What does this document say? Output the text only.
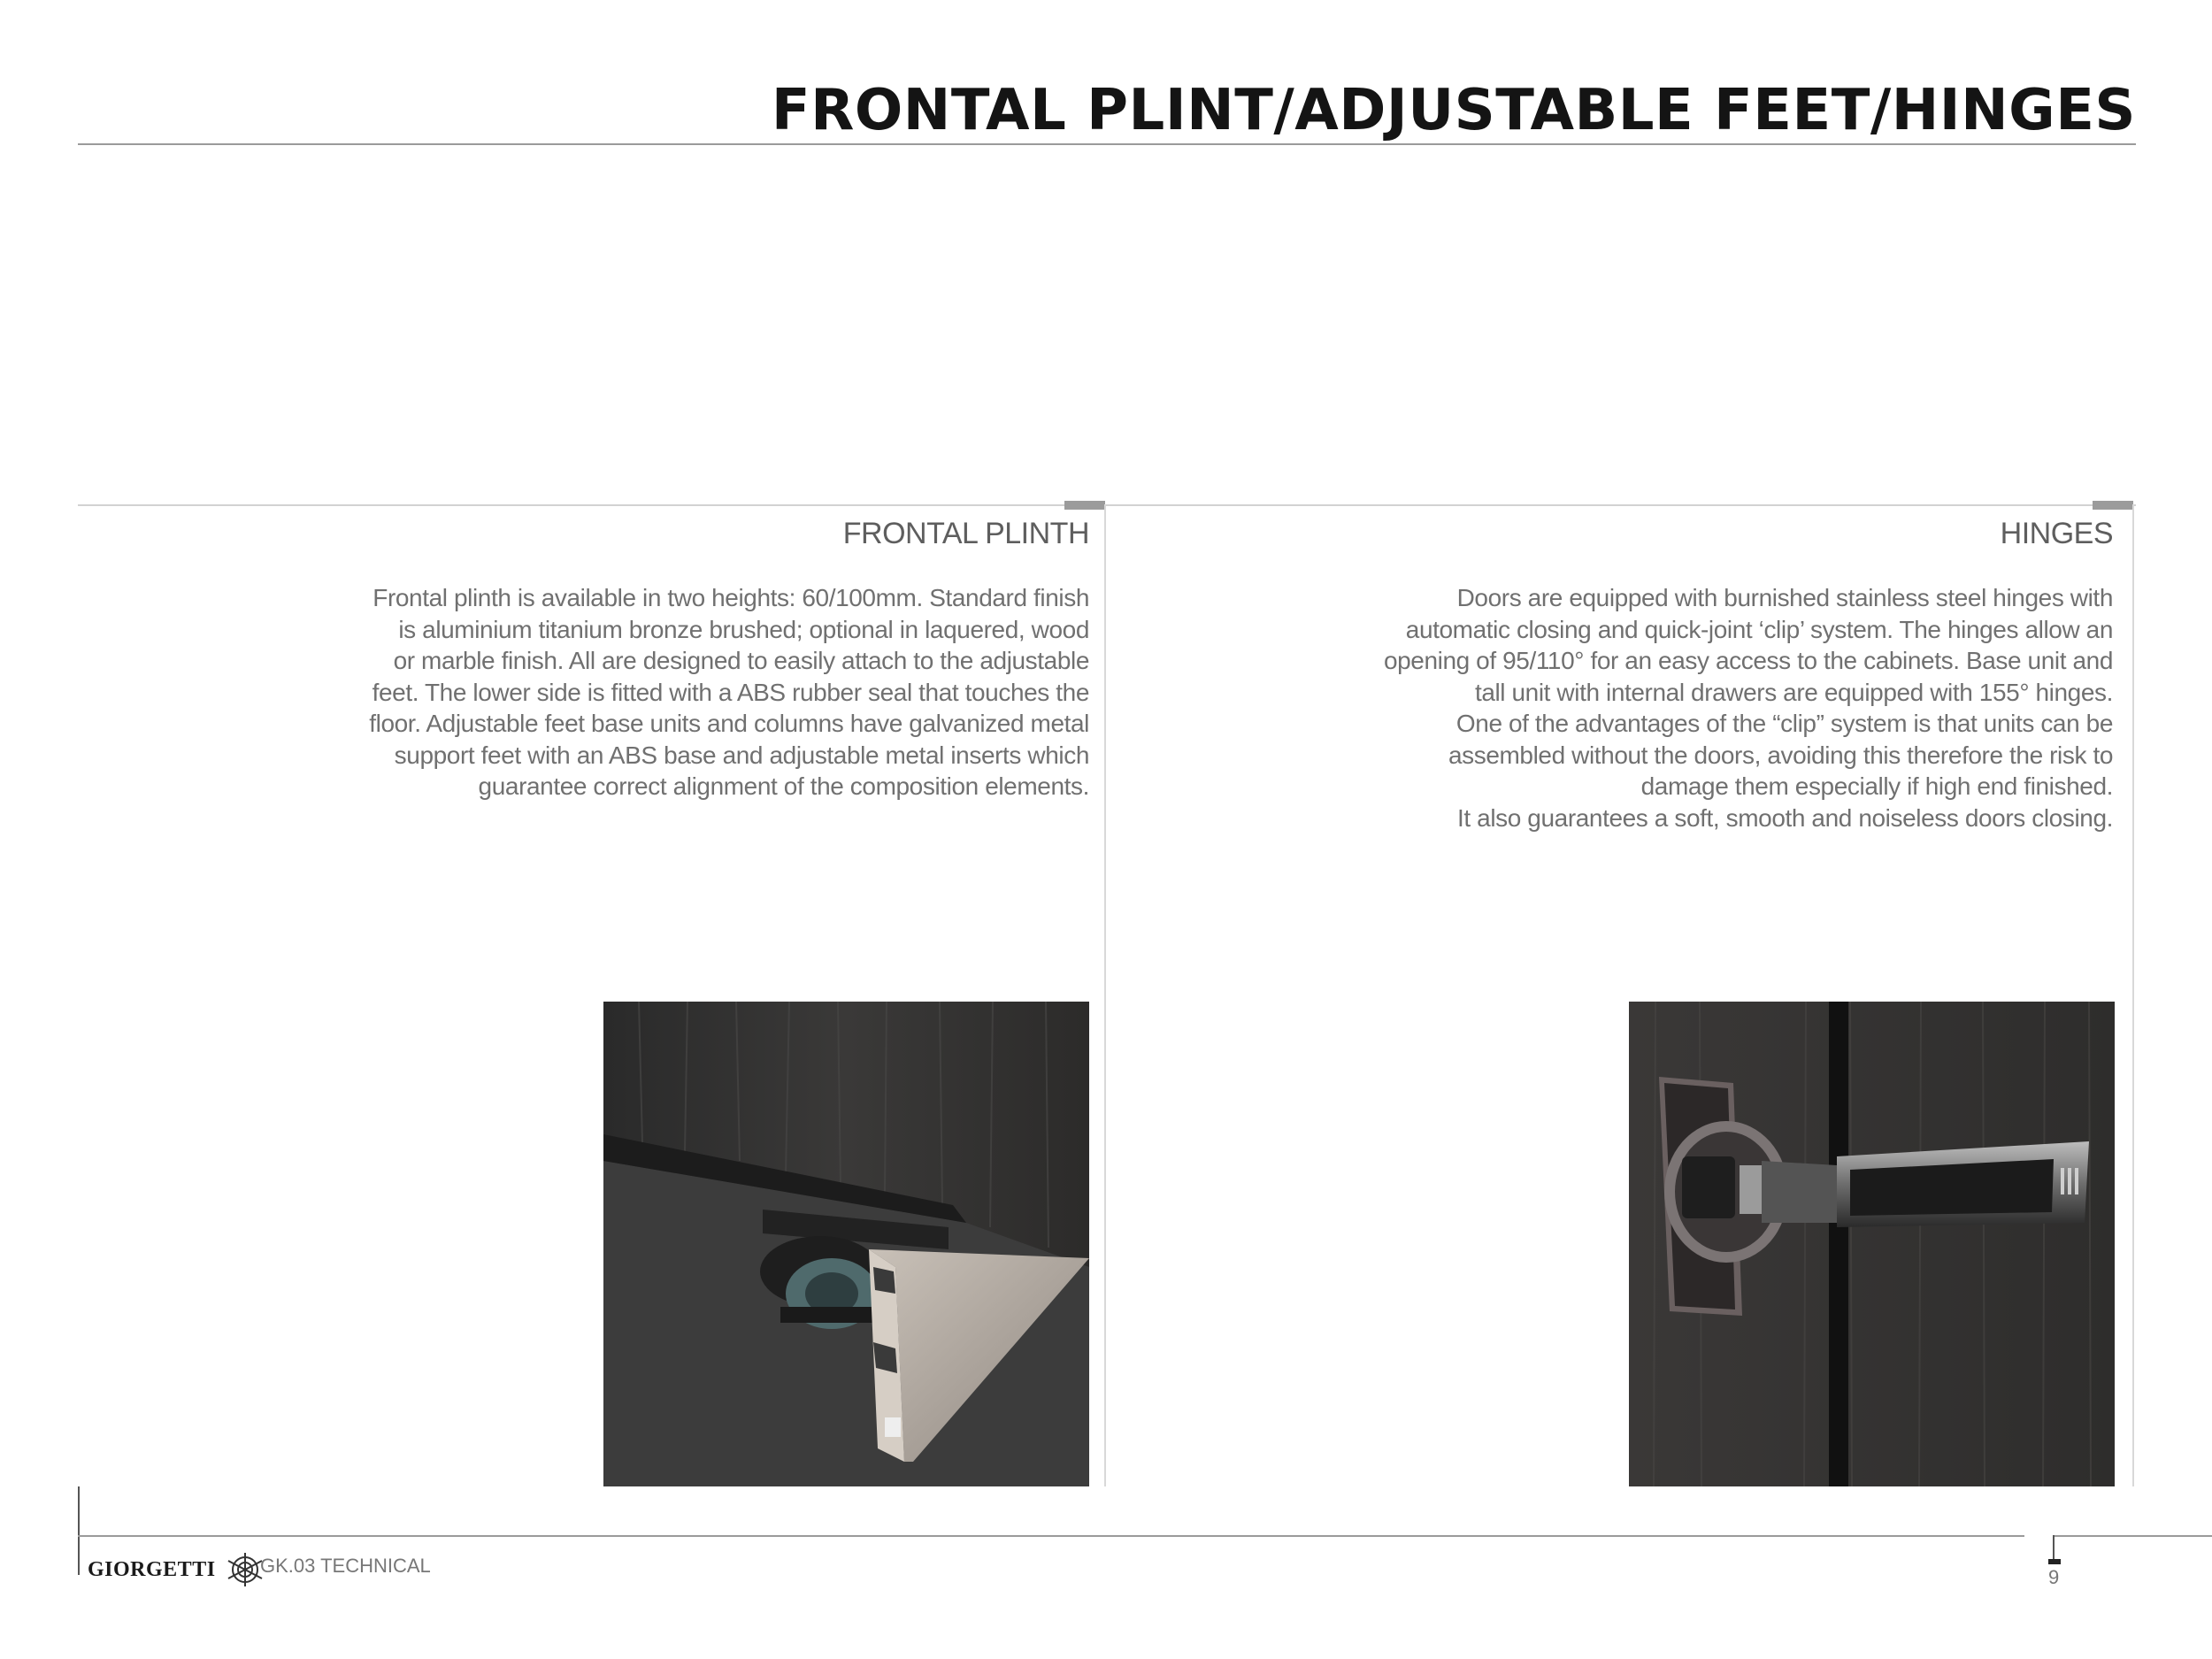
FRONTAL PLINT/ADJUSTABLE FEET/HINGES
FRONTAL PLINTH

Frontal plinth is available in two heights: 60/100mm. Standard finish
is aluminium titanium bronze brushed; optional in laquered, wood
or marble finish. All are designed to easily attach to the adjustable
feet. The lower side is fitted with a ABS rubber seal that touches the
floor. Adjustable feet base units and columns have galvanized metal
support feet with an ABS base and adjustable metal inserts which
guarantee correct alignment of the composition elements.

HINGES

Doors are equipped with burnished stainless steel hinges with
automatic closing and quick-joint ‘clip’ system. The hinges allow an
opening of 95/110° for an easy access to the cabinets. Base unit and
tall unit with internal drawers are equipped with 155° hinges.
One of the advantages of the “clip” system is that units can be
assembled without the doors, avoiding this therefore the risk to
damage them especially if high end finished.
It also guarantees a soft, smooth and noiseless doors closing.

GIORGETTI GK.03 TECHNICAL
9
